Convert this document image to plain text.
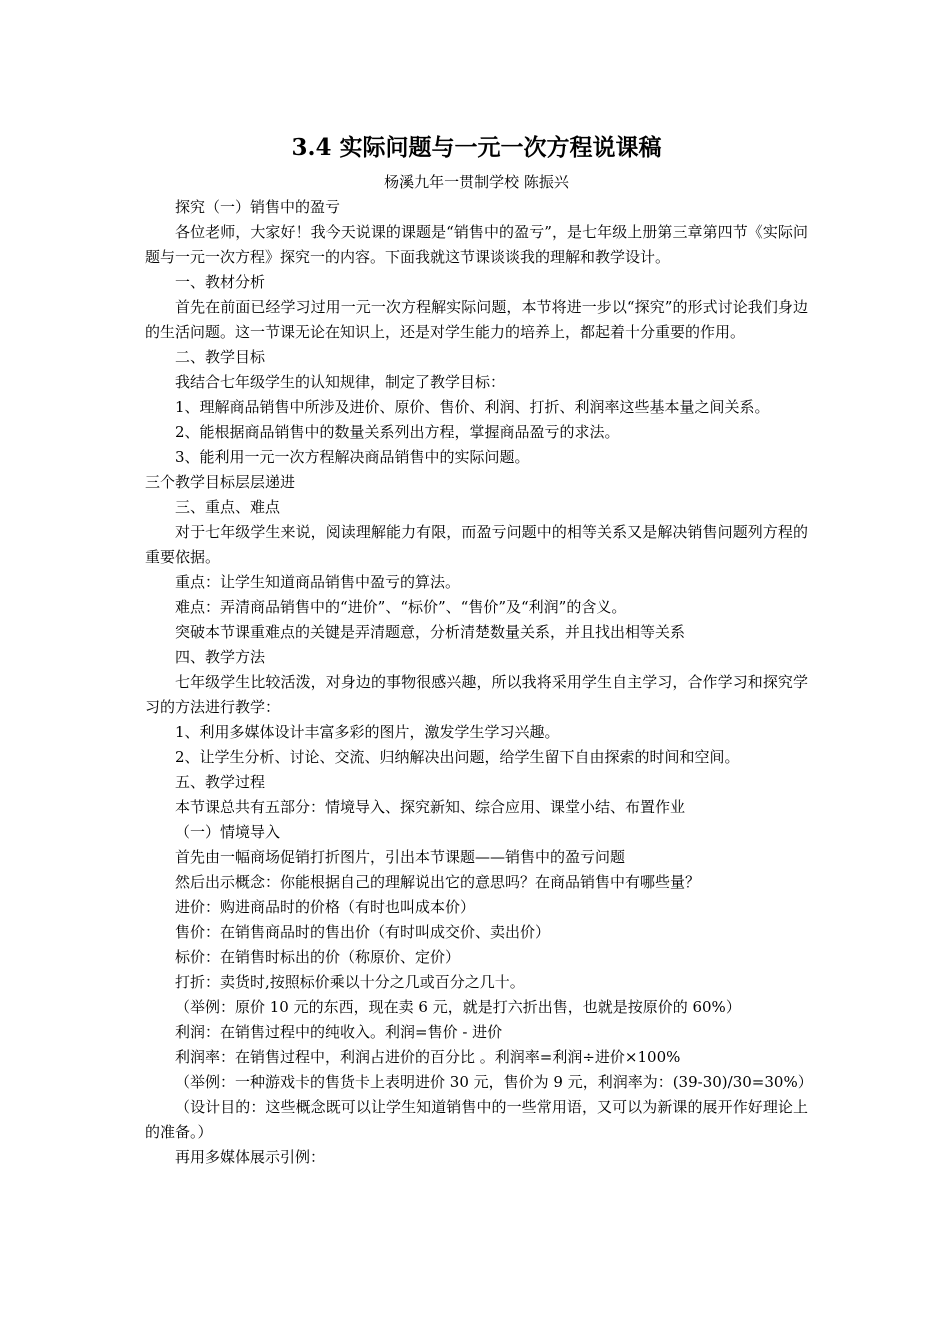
3.4 实际问题与一元一次方程说课稿
杨溪九年一贯制学校 陈振兴

探究（一）销售中的盈亏

各位老师，大家好！我今天说课的课题是“销售中的盈亏”，是七年级上册第三章第四节《实际问题与一元一次方程》探究一的内容。下面我就这节课谈谈我的理解和教学设计。

一、教材分析

首先在前面已经学习过用一元一次方程解实际问题，本节将进一步以“探究”的形式讨论我们身边的生活问题。这一节课无论在知识上，还是对学生能力的培养上，都起着十分重要的作用。

二、教学目标

我结合七年级学生的认知规律，制定了教学目标：

1、理解商品销售中所涉及进价、原价、售价、利润、打折、利润率这些基本量之间关系。

2、能根据商品销售中的数量关系列出方程，掌握商品盈亏的求法。

3、能利用一元一次方程解决商品销售中的实际问题。

三个教学目标层层递进

三、重点、难点

对于七年级学生来说，阅读理解能力有限，而盈亏问题中的相等关系又是解决销售问题列方程的重要依据。

重点：让学生知道商品销售中盈亏的算法。

难点：弄清商品销售中的“进价”、“标价”、“售价”及“利润”的含义。

突破本节课重难点的关键是弄清题意，分析清楚数量关系，并且找出相等关系

四、教学方法

七年级学生比较活泼，对身边的事物很感兴趣，所以我将采用学生自主学习，合作学习和探究学习的方法进行教学：

1、利用多媒体设计丰富多彩的图片，激发学生学习兴趣。

2、让学生分析、讨论、交流、归纳解决出问题，给学生留下自由探索的时间和空间。

五、教学过程

本节课总共有五部分：情境导入、探究新知、综合应用、课堂小结、布置作业

（一）情境导入

首先由一幅商场促销打折图片，引出本节课题——销售中的盈亏问题

然后出示概念：你能根据自己的理解说出它的意思吗？在商品销售中有哪些量？

进价：购进商品时的价格（有时也叫成本价）

售价：在销售商品时的售出价（有时叫成交价、卖出价）

标价：在销售时标出的价（称原价、定价）

打折：卖货时,按照标价乘以十分之几或百分之几十。

（举例：原价 10 元的东西，现在卖 6 元，就是打六折出售，也就是按原价的 60%）

利润：在销售过程中的纯收入。利润=售价 - 进价

利润率：在销售过程中，利润占进价的百分比 。利润率=利润÷进价×100%

（举例：一种游戏卡的售货卡上表明进价 30 元，售价为 9 元，利润率为：(39-30)/30=30%）

（设计目的：这些概念既可以让学生知道销售中的一些常用语，又可以为新课的展开作好理论上的准备。）

再用多媒体展示引例：
